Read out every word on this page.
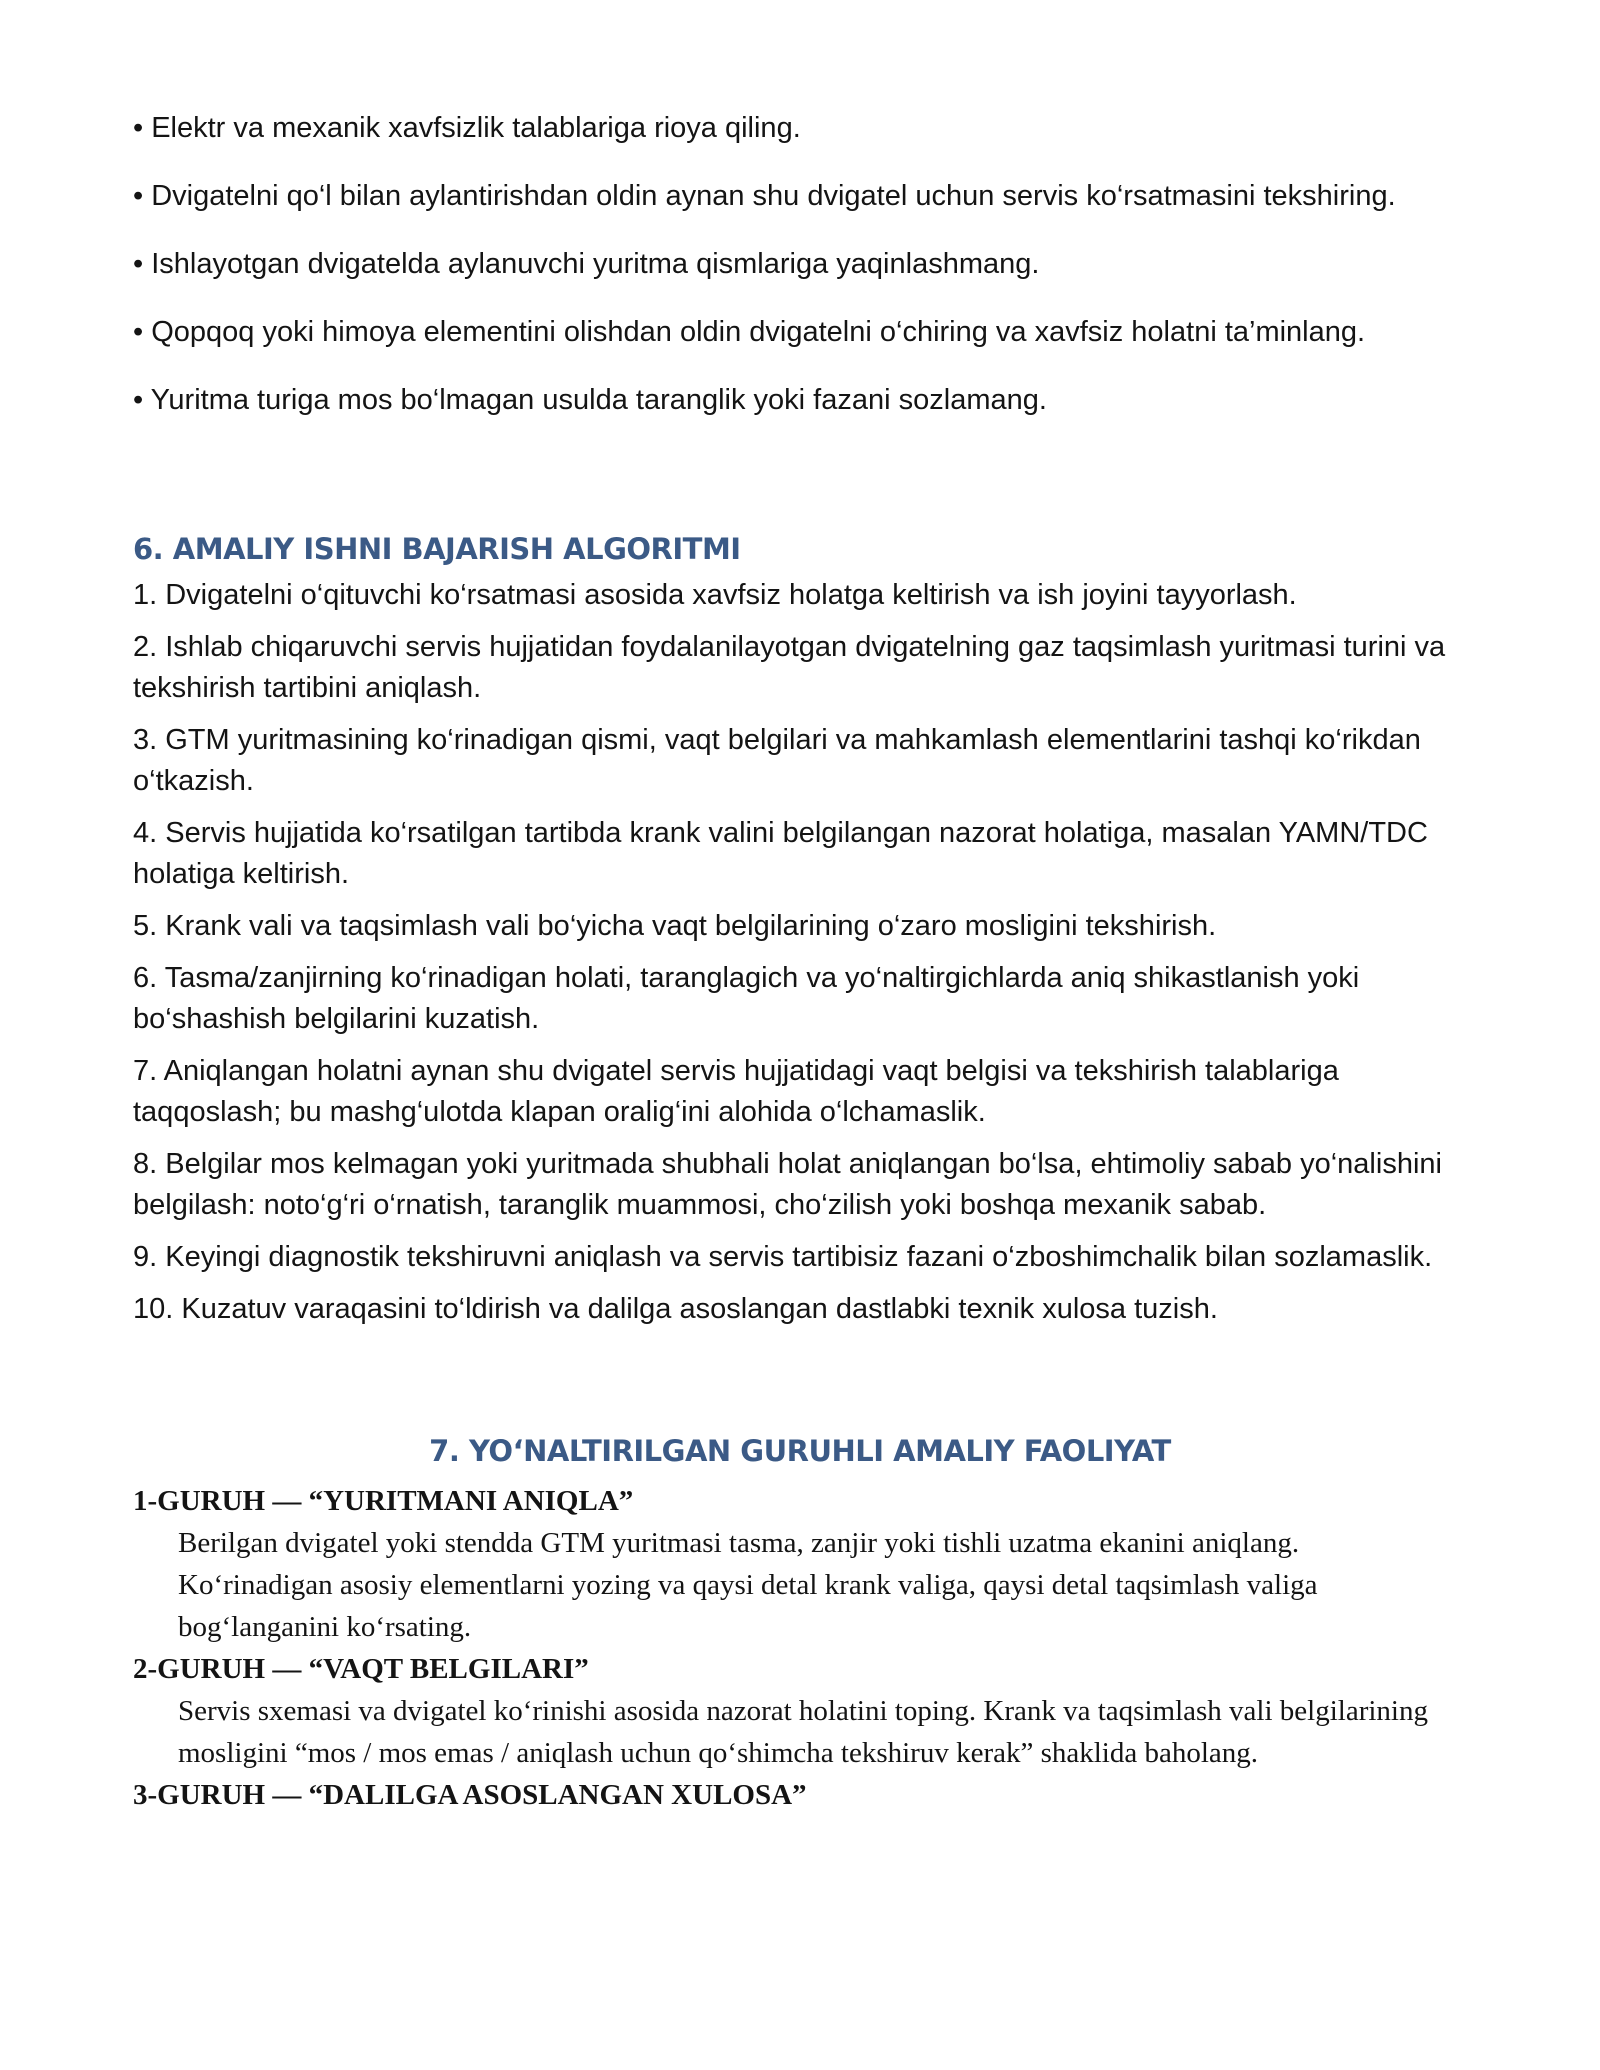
• Elektr va mexanik xavfsizlik talablariga rioya qiling.
• Dvigatelni qo‘l bilan aylantirishdan oldin aynan shu dvigatel uchun servis ko‘rsatmasini tekshiring.
• Ishlayotgan dvigatelda aylanuvchi yuritma qismlariga yaqinlashmang.
• Qopqoq yoki himoya elementini olishdan oldin dvigatelni o‘chiring va xavfsiz holatni ta’minlang.
• Yuritma turiga mos bo‘lmagan usulda taranglik yoki fazani sozlamang.
6. AMALIY ISHNI BAJARISH ALGORITMI
1. Dvigatelni o‘qituvchi ko‘rsatmasi asosida xavfsiz holatga keltirish va ish joyini tayyorlash.
2. Ishlab chiqaruvchi servis hujjatidan foydalanilayotgan dvigatelning gaz taqsimlash yuritmasi turini va tekshirish tartibini aniqlash.
3. GTM yuritmasining ko‘rinadigan qismi, vaqt belgilari va mahkamlash elementlarini tashqi ko‘rikdan o‘tkazish.
4. Servis hujjatida ko‘rsatilgan tartibda krank valini belgilangan nazorat holatiga, masalan YAMN/TDC holatiga keltirish.
5. Krank vali va taqsimlash vali bo‘yicha vaqt belgilarining o‘zaro mosligini tekshirish.
6. Tasma/zanjirning ko‘rinadigan holati, taranglagich va yo‘naltirgichlarda aniq shikastlanish yoki bo‘shashish belgilarini kuzatish.
7. Aniqlangan holatni aynan shu dvigatel servis hujjatidagi vaqt belgisi va tekshirish talablariga taqqoslash; bu mashg‘ulotda klapan oralig‘ini alohida o‘lchamaslik.
8. Belgilar mos kelmagan yoki yuritmada shubhali holat aniqlangan bo‘lsa, ehtimoliy sabab yo‘nalishini belgilash: noto‘g‘ri o‘rnatish, taranglik muammosi, cho‘zilish yoki boshqa mexanik sabab.
9. Keyingi diagnostik tekshiruvni aniqlash va servis tartibisiz fazani o‘zboshimchalik bilan sozlamaslik.
10. Kuzatuv varaqasini to‘ldirish va dalilga asoslangan dastlabki texnik xulosa tuzish.
7. YO‘NALTIRILGAN GURUHLI AMALIY FAOLIYAT

1-GURUH — “YURITMANI ANIQLA”

Berilgan dvigatel yoki stendda GTM yuritmasi tasma, zanjir yoki tishli uzatma ekanini aniqlang. Ko‘rinadigan asosiy elementlarni yozing va qaysi detal krank valiga, qaysi detal taqsimlash valiga bog‘langanini ko‘rsating.

2-GURUH — “VAQT BELGILARI”

Servis sxemasi va dvigatel ko‘rinishi asosida nazorat holatini toping. Krank va taqsimlash vali belgilarining mosligini “mos / mos emas / aniqlash uchun qo‘shimcha tekshiruv kerak” shaklida baholang.

3-GURUH — “DALILGA ASOSLANGAN XULOSA”
